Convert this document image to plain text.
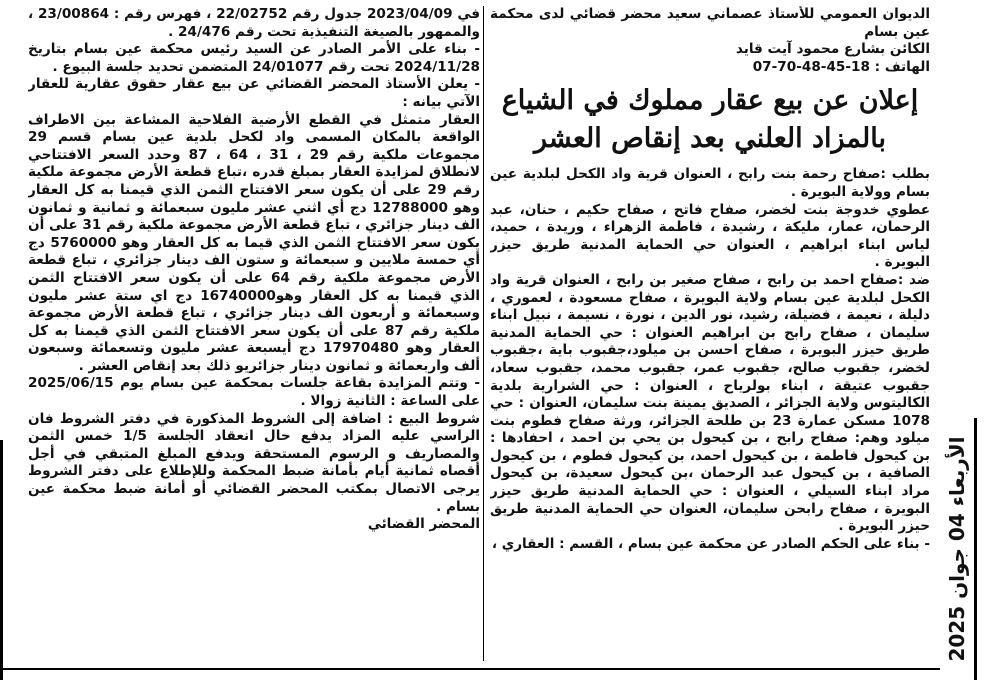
الديوان العمومي للأستاذ عصماني سعيد محضر قضائي لدى محكمة عين بسام

الكائن بشارع محمود آيت قايد

الهاتف : 18-45-48-70-07

إعلان عن بيع عقار مملوك في الشياع
بالمزاد العلني بعد إنقاص العشر

بطلب :صفاح رحمة بنت رابح ، العنوان قرية واد الكحل لبلدية عين بسام وولاية البويرة .

عطوي خدوجة بنت لخضر، صفاح فاتح ، صفاح حكيم ، حنان، عبد الرحمان، عمار، مليكة ، رشيدة ، فاطمة الزهراء ، وريدة ، حميد، لياس ابناء ابراهيم ، العنوان حي الحماية المدنية طريق حيزر البويرة .

ضد :صفاح احمد بن رابح ، صفاح صغير بن رابح ، العنوان قرية واد الكحل لبلدية عين بسام ولاية البويرة ، صفاح مسعودة ، لعموري ، دليلة ، نعيمة ، فضيلة، رشيد، نور الدين ، نورة ، نسيمة ، نبيل ابناء سليمان ، صفاح رابح بن ابراهيم العنوان : حي الحماية المدنية طريق حيزر البويرة ، صفاح احسن بن ميلود،جقبوب باية ،جقبوب لخضر، جقبوب صالح، جقبوب عمر، جقبوب محمد، جقبوب سعاد، جقبوب عتيقة ، ابناء بولرياح ، العنوان : حي الشرارية بلدية الكاليتوس ولاية الجزائر ، الصديق يمينة بنت سليمان، العنوان : حي 1078 مسكن عمارة 23 بن طلحة الجزائر، ورثة صفاح فطوم بنت ميلود وهم: صفاح رابح ، بن كيحول بن يحي بن احمد ، احفادها : بن كيحول فاطمة ، بن كيحول احمد، بن كيحول فطوم ، بن كيحول الصافية ، بن كيحول عبد الرحمان ،بن كيحول سعيدة، بن كيحول مراد ابناء السيلي ، العنوان : حي الحماية المدنية طريق حيزر البويرة ، صفاح رابحن سليمان، العنوان حي الحماية المدنية طريق حيزر البويرة .

- بناء على الحكم الصادر عن محكمة عين بسام ، القسم : العقاري ،

في 2023/04/09 جدول رقم 22/02752 ، فهرس رقم : 23/00864 ، والممهور بالصيغة التنفيذية تحت رقم 24/476 .

- بناء على الأمر الصادر عن السيد رئيس محكمة عين بسام بتاريخ 2024/11/28 تحت رقم 24/01077 المتضمن تحديد جلسة البيوع .

- يعلن الأستاذ المحضر القضائي عن بيع عقار حقوق عقارية للعقار الآتي بيانه :

العقار متمثل في القطع الأرضية الفلاحية المشاعة بين الاطراف الواقعة بالمكان المسمى واد لكحل بلدية عين بسام قسم 29 مجموعات ملكية رقم 29 ، 31 ، 64 ، 87 وحدد السعر الافتتاحي لانطلاق لمزايدة العقار بمبلغ قدره ،تباع قطعة الأرض مجموعة ملكية رقم 29 على أن يكون سعر الافتتاح الثمن الذي قيمنا به كل العقار وهو 12788000 دج أي اثني عشر مليون سبعمائة و ثمانية و ثمانون الف دينار جزائري ، تباع قطعة الأرض مجموعة ملكية رقم 31 على أن يكون سعر الافتتاح الثمن الذي قيما به كل العقار وهو 5760000 دج أي حمسة ملايين و سبعمائة و ستون الف دينار جزائري ، تباع قطعة الأرض مجموعة ملكية رقم 64 على أن يكون سعر الافتتاح الثمن الذي قيمنا به كل العقار وهو16740000 دج اي ستة عشر مليون وسبعمائة و أربعون الف دينار جزائري ، تباع قطعة الأرض مجموعة ملكية رقم 87 على أن يكون سعر الافتتاح الثمن الذي قيمنا به كل العقار وهو 17970480 دج أيسبعة عشر مليون وتسعمائة وسبعون ألف واربعمائة و ثمانون دينار جزائريو ذلك بعد إنقاص العشر .

- وتتم المزايدة بقاعة جلسات بمحكمة عين بسام يوم 2025/06/15 على الساعة : الثانية زوالا .

شروط البيع : اضافة إلى الشروط المذكورة في دفتر الشروط فان الراسي عليه المزاد يدفع حال انعقاد الجلسة 1/5 خمس الثمن والمصاريف و الرسوم المستحقة ويدفع المبلغ المتبقي في أجل أقصاه ثمانية أيام بأمانة ضبط المحكمة وللإطلاع على دفتر الشروط يرجى الاتصال بمكتب المحضر القضائي أو أمانة ضبط محكمة عين بسام .

المحضر القضائي

الأربعاء 04 جوان 2025
